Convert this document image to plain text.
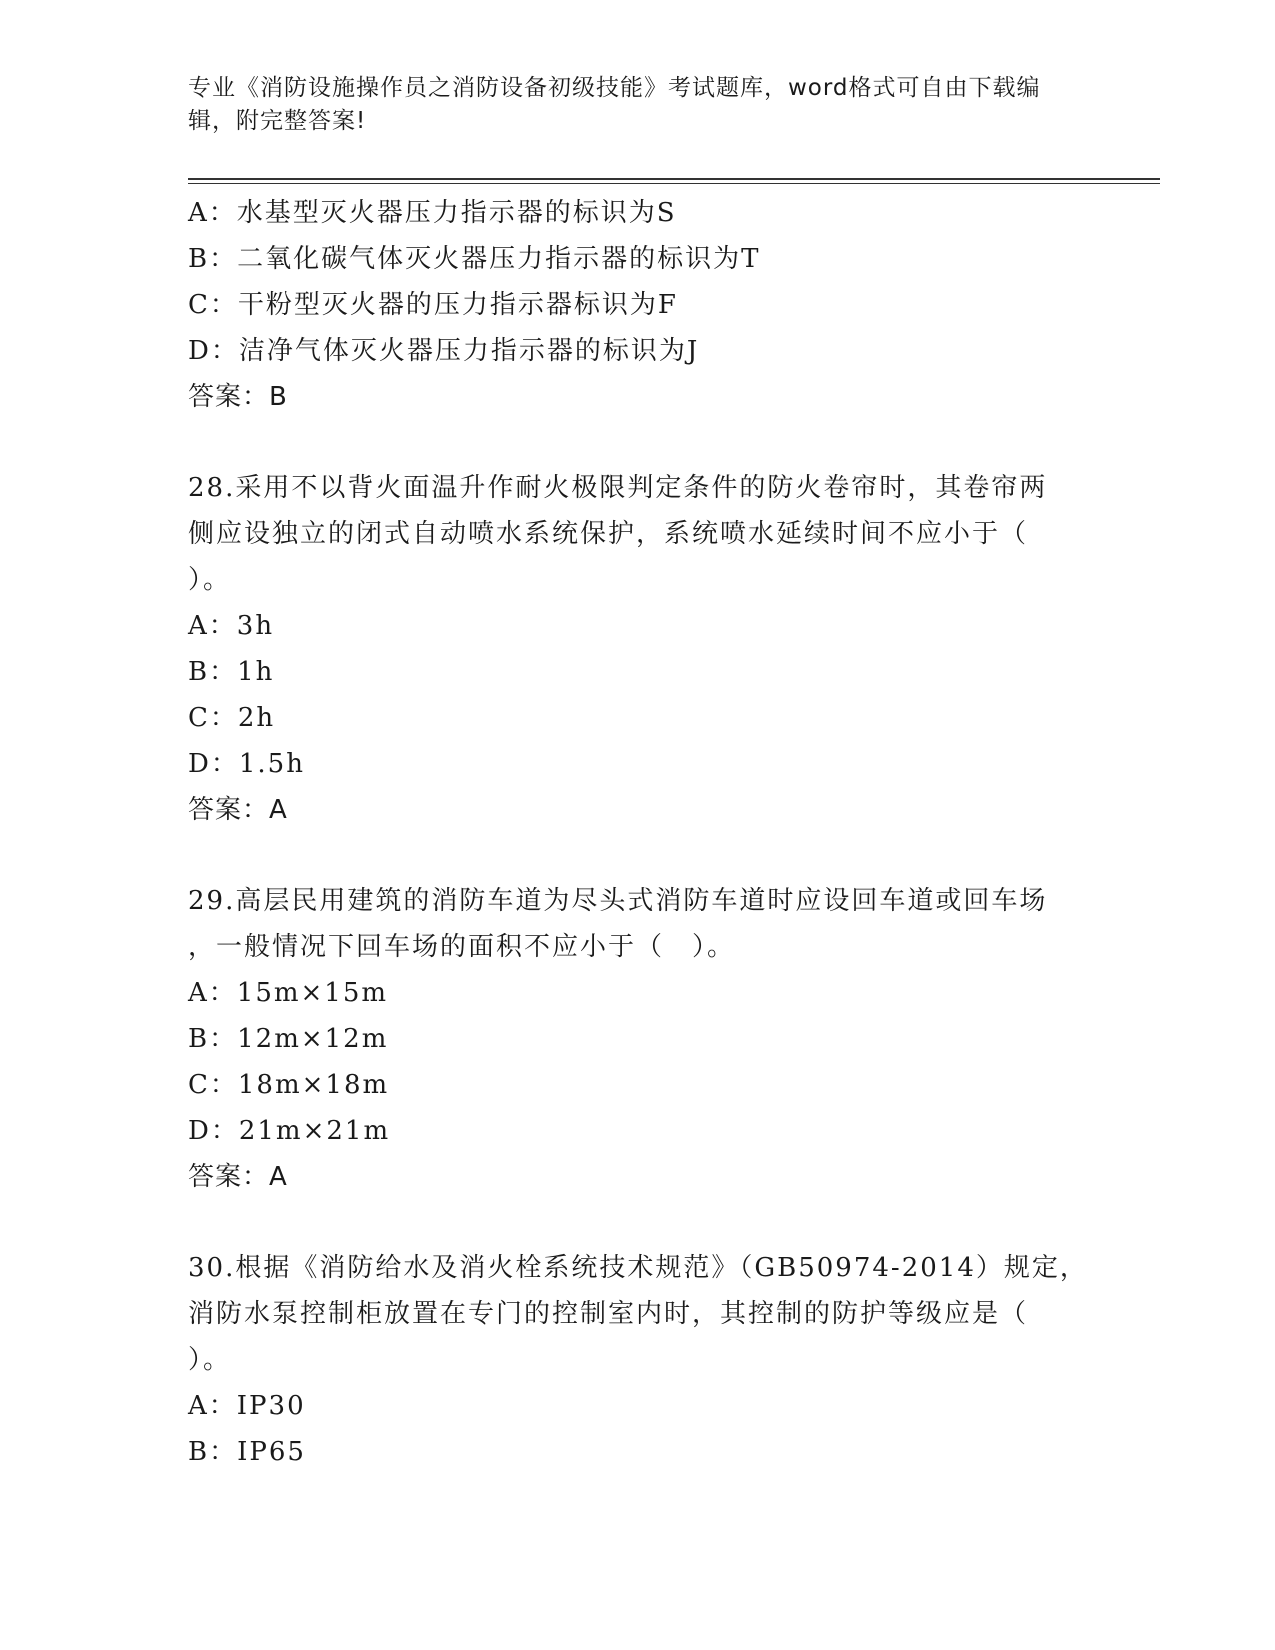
专业《消防设施操作员之消防设备初级技能》考试题库，word格式可自由下载编
辑，附完整答案!
A：水基型灭火器压力指示器的标识为S
B：二氧化碳气体灭火器压力指示器的标识为T
C：干粉型灭火器的压力指示器标识为F
D：洁净气体灭火器压力指示器的标识为J
答案：B
28.采用不以背火面温升作耐火极限判定条件的防火卷帘时，其卷帘两
侧应设独立的闭式自动喷水系统保护，系统喷水延续时间不应小于（
）。
A：3h
B：1h
C：2h
D：1.5h
答案：A
29.高层民用建筑的消防车道为尽头式消防车道时应设回车道或回车场
，一般情况下回车场的面积不应小于（　）。
A：15m×15m
B：12m×12m
C：18m×18m
D：21m×21m
答案：A
30.根据《消防给水及消火栓系统技术规范》（GB50974-2014）规定，
消防水泵控制柜放置在专门的控制室内时，其控制的防护等级应是（
）。
A：IP30
B：IP65
